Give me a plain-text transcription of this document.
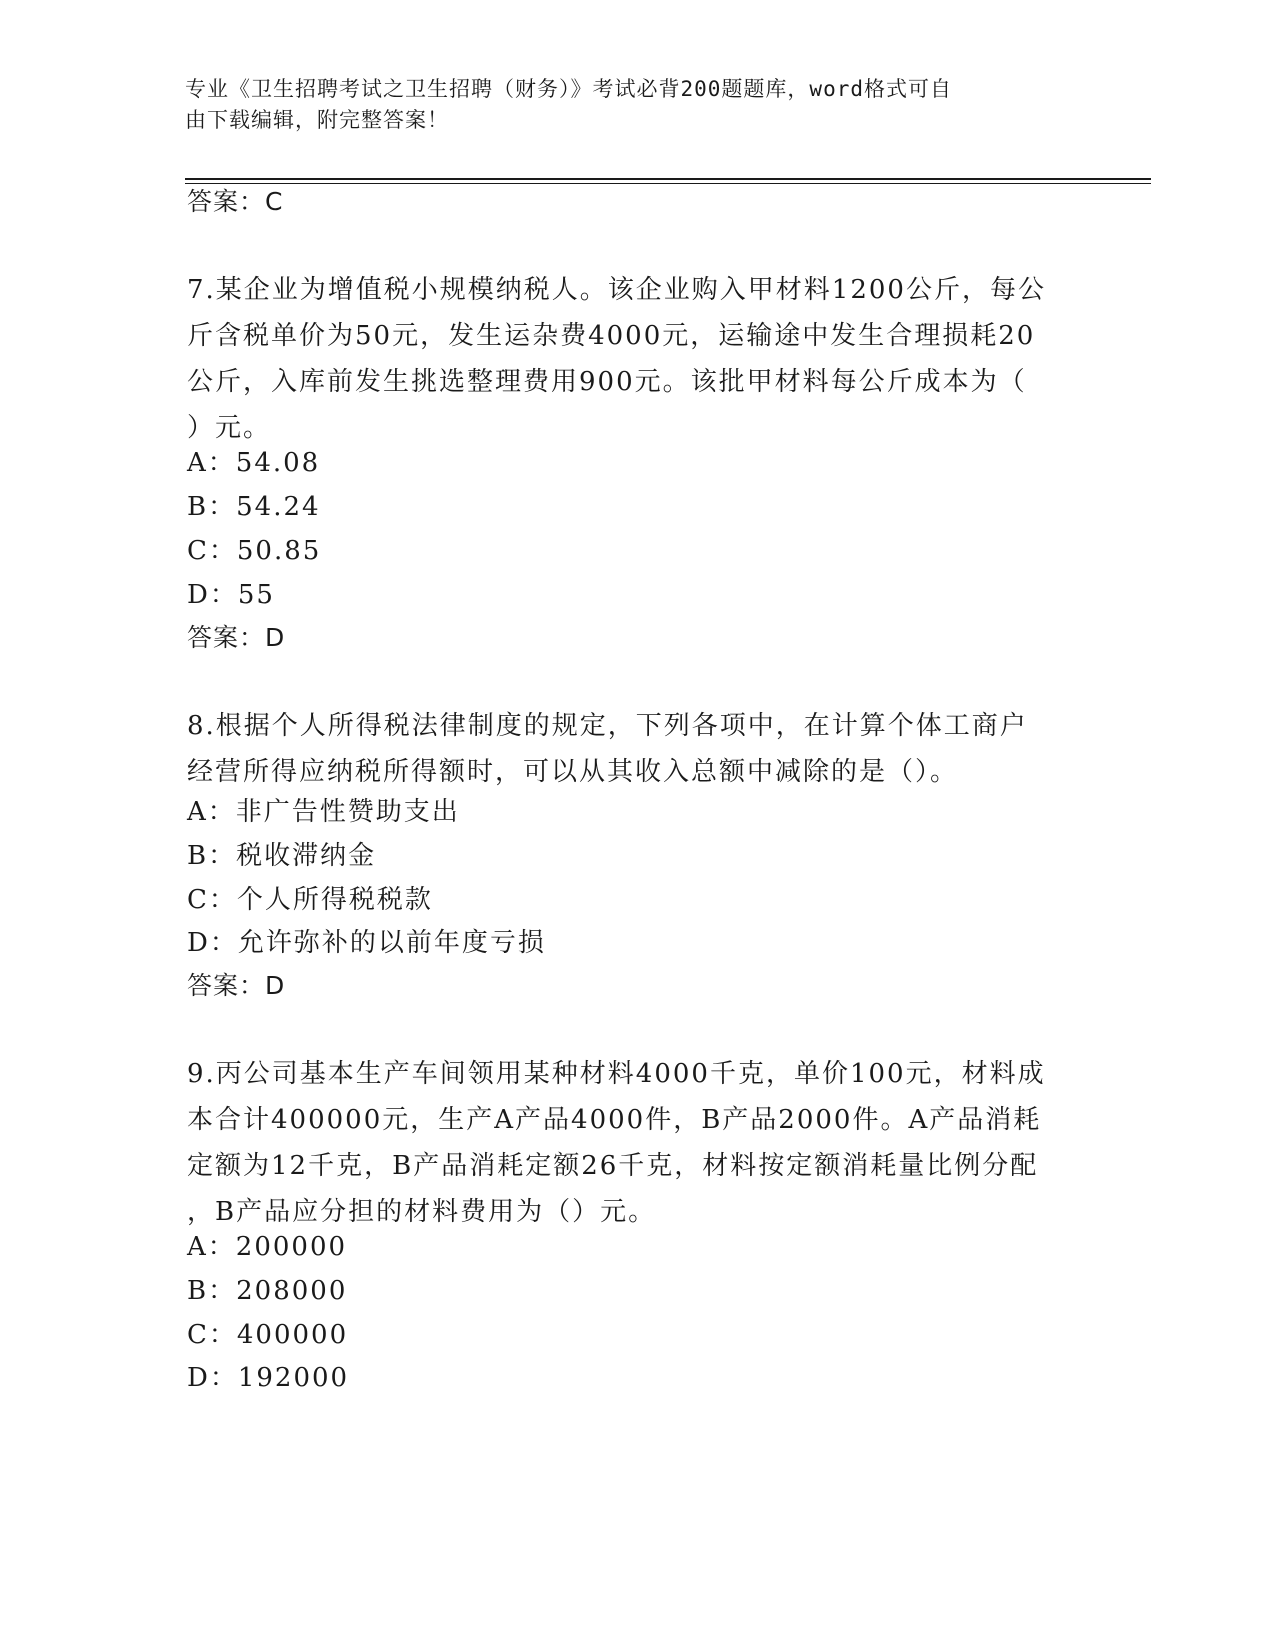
专业《卫生招聘考试之卫生招聘（财务）》考试必背200题题库，word格式可自
由下载编辑，附完整答案！
答案：C

7.某企业为增值税小规模纳税人。该企业购入甲材料1200公斤，每公

斤含税单价为50元，发生运杂费4000元，运输途中发生合理损耗20

公斤，入库前发生挑选整理费用900元。该批甲材料每公斤成本为（

）元。

A：54.08
B：54.24
C：50.85
D：55
答案：D

8.根据个人所得税法律制度的规定，下列各项中，在计算个体工商户

经营所得应纳税所得额时，可以从其收入总额中减除的是（）。

A：非广告性赞助支出
B：税收滞纳金
C：个人所得税税款
D：允许弥补的以前年度亏损
答案：D

9.丙公司基本生产车间领用某种材料4000千克，单价100元，材料成

本合计400000元，生产A产品4000件，B产品2000件。A产品消耗

定额为12千克，B产品消耗定额26千克，材料按定额消耗量比例分配

，B产品应分担的材料费用为（）元。

A：200000
B：208000
C：400000
D：192000
